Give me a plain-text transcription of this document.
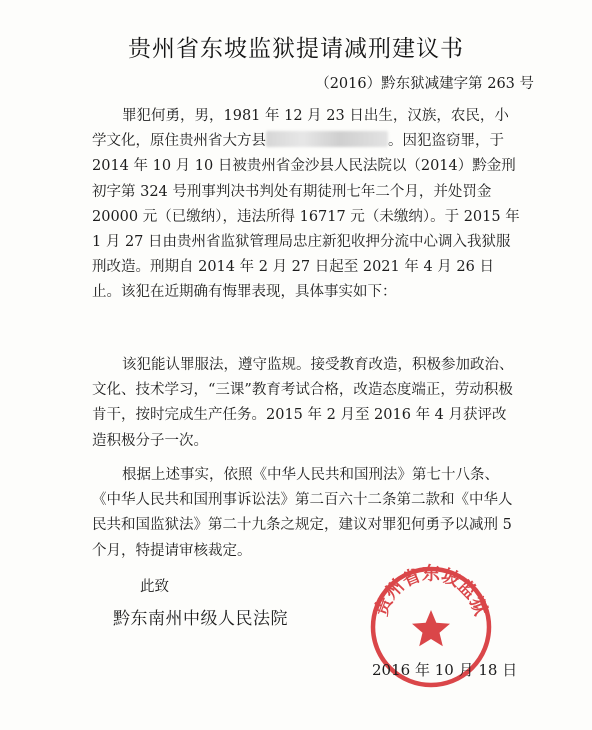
贵州省东坡监狱提请减刑建议书
（2016）黔东狱减建字第 263 号

罪犯何勇，男，1981 年 12 月 23 日出生，汉族，农民，小学文化，原住贵州省大方县	。因犯盗窃罪，于 2014 年 10 月 10 日被贵州省金沙县人民法院以（2014）黔金刑初字第 324 号刑事判决书判处有期徒刑七年二个月，并处罚金 20000 元（已缴纳），违法所得 16717 元（未缴纳）。于 2015 年 1 月 27 日由贵州省监狱管理局忠庄新犯收押分流中心调入我狱服刑改造。刑期自 2014 年 2 月 27 日起至 2021 年 4 月 26 日止。该犯在近期确有悔罪表现，具体事实如下：

该犯能认罪服法，遵守监规。接受教育改造，积极参加政治、文化、技术学习，“三课”教育考试合格，改造态度端正，劳动积极肯干，按时完成生产任务。2015 年 2 月至 2016 年 4 月获评改造积极分子一次。

根据上述事实，依照《中华人民共和国刑法》第七十八条、《中华人民共和国刑事诉讼法》第二百六十二条第二款和《中华人民共和国监狱法》第二十九条之规定，建议对罪犯何勇予以减刑 5 个月，特提请审核裁定。

此致
黔东南州中级人民法院
贵州省东坡监狱
2016 年 10 月 18 日
